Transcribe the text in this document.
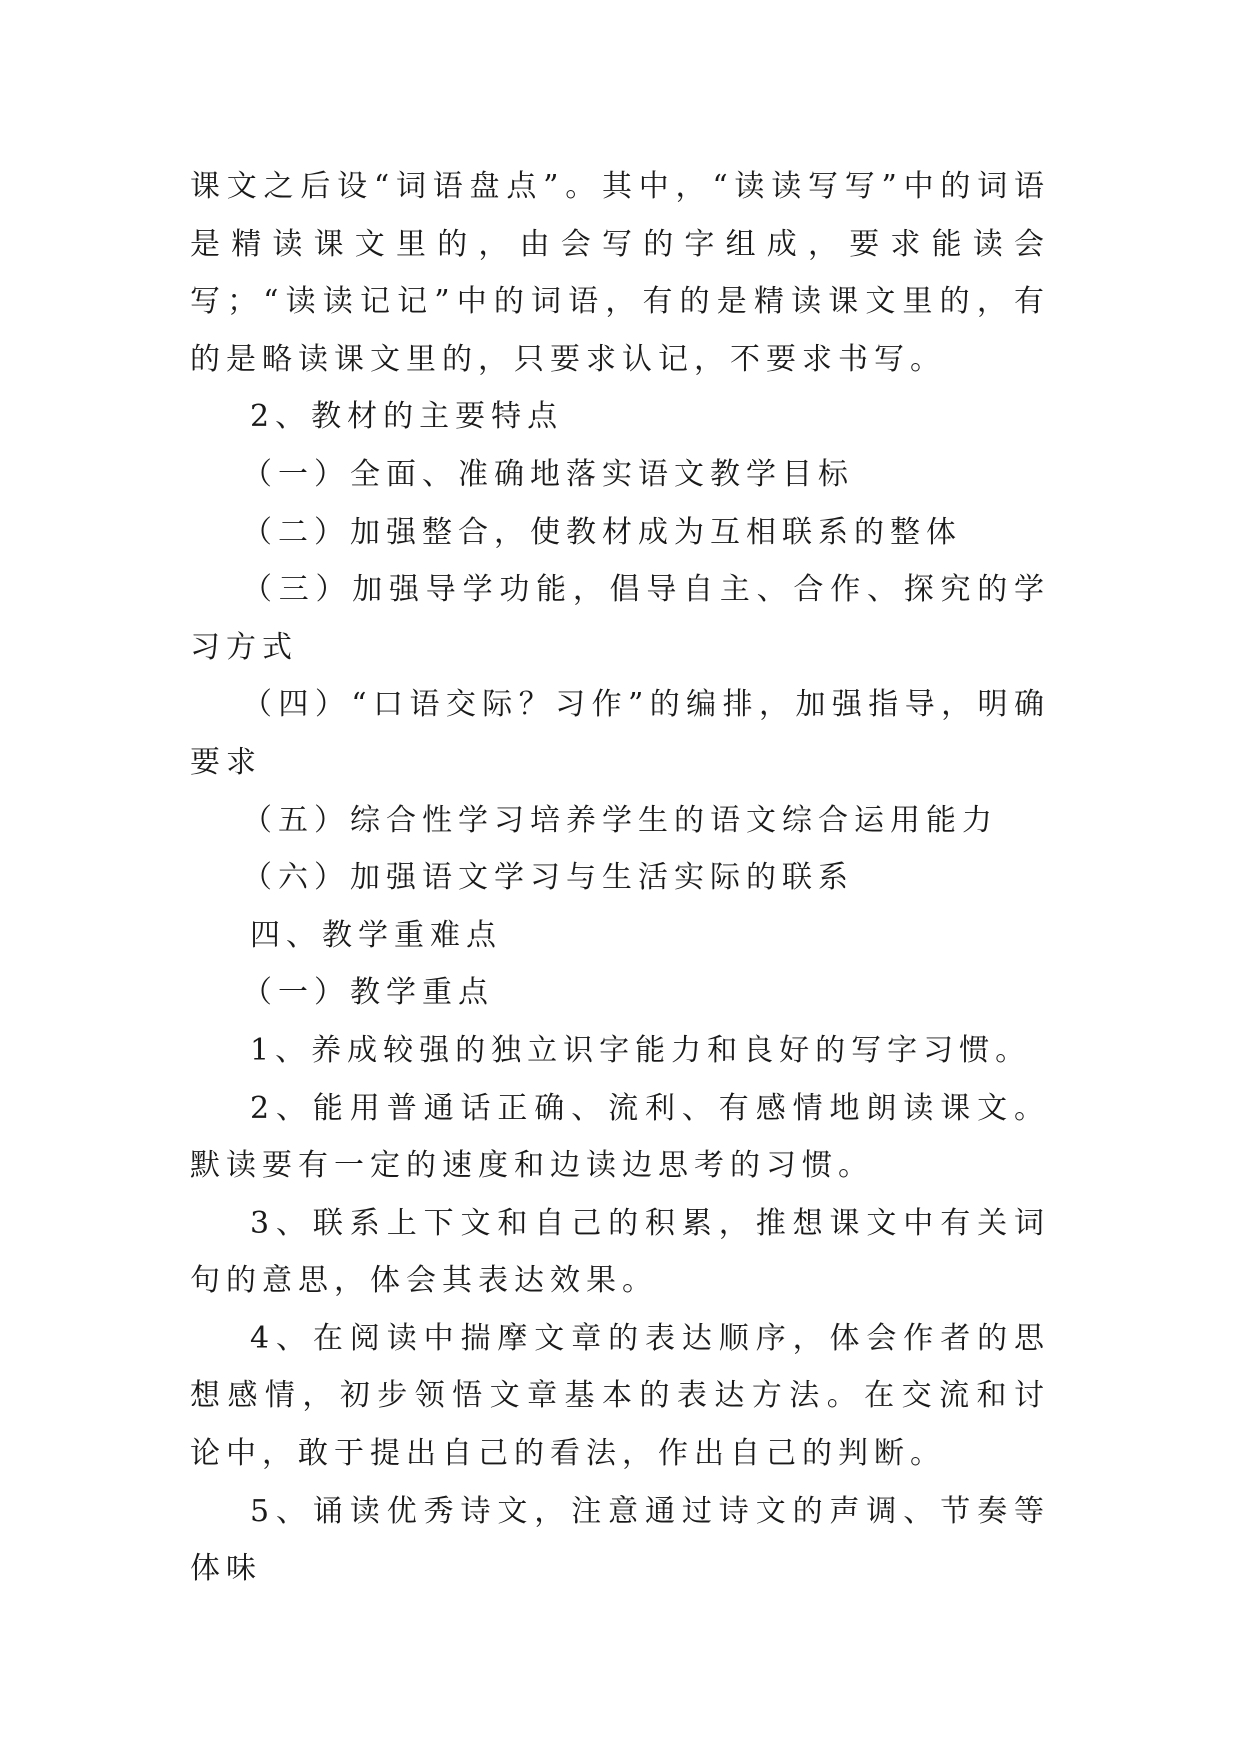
课文之后设“词语盘点”。其中，“读读写写”中的词语是精读课文里的，由会写的字组成，要求能读会写；“读读记记”中的词语，有的是精读课文里的，有的是略读课文里的，只要求认记，不要求书写。

2、教材的主要特点

（一）全面、准确地落实语文教学目标

（二）加强整合，使教材成为互相联系的整体

（三）加强导学功能，倡导自主、合作、探究的学习方式

（四）“口语交际？习作”的编排，加强指导，明确要求

（五）综合性学习培养学生的语文综合运用能力

（六）加强语文学习与生活实际的联系

四、教学重难点

（一）教学重点

1、养成较强的独立识字能力和良好的写字习惯。

2、能用普通话正确、流利、有感情地朗读课文。默读要有一定的速度和边读边思考的习惯。

3、联系上下文和自己的积累，推想课文中有关词句的意思，体会其表达效果。

4、在阅读中揣摩文章的表达顺序，体会作者的思想感情，初步领悟文章基本的表达方法。在交流和讨论中，敢于提出自己的看法，作出自己的判断。

5、诵读优秀诗文，注意通过诗文的声调、节奏等体味
